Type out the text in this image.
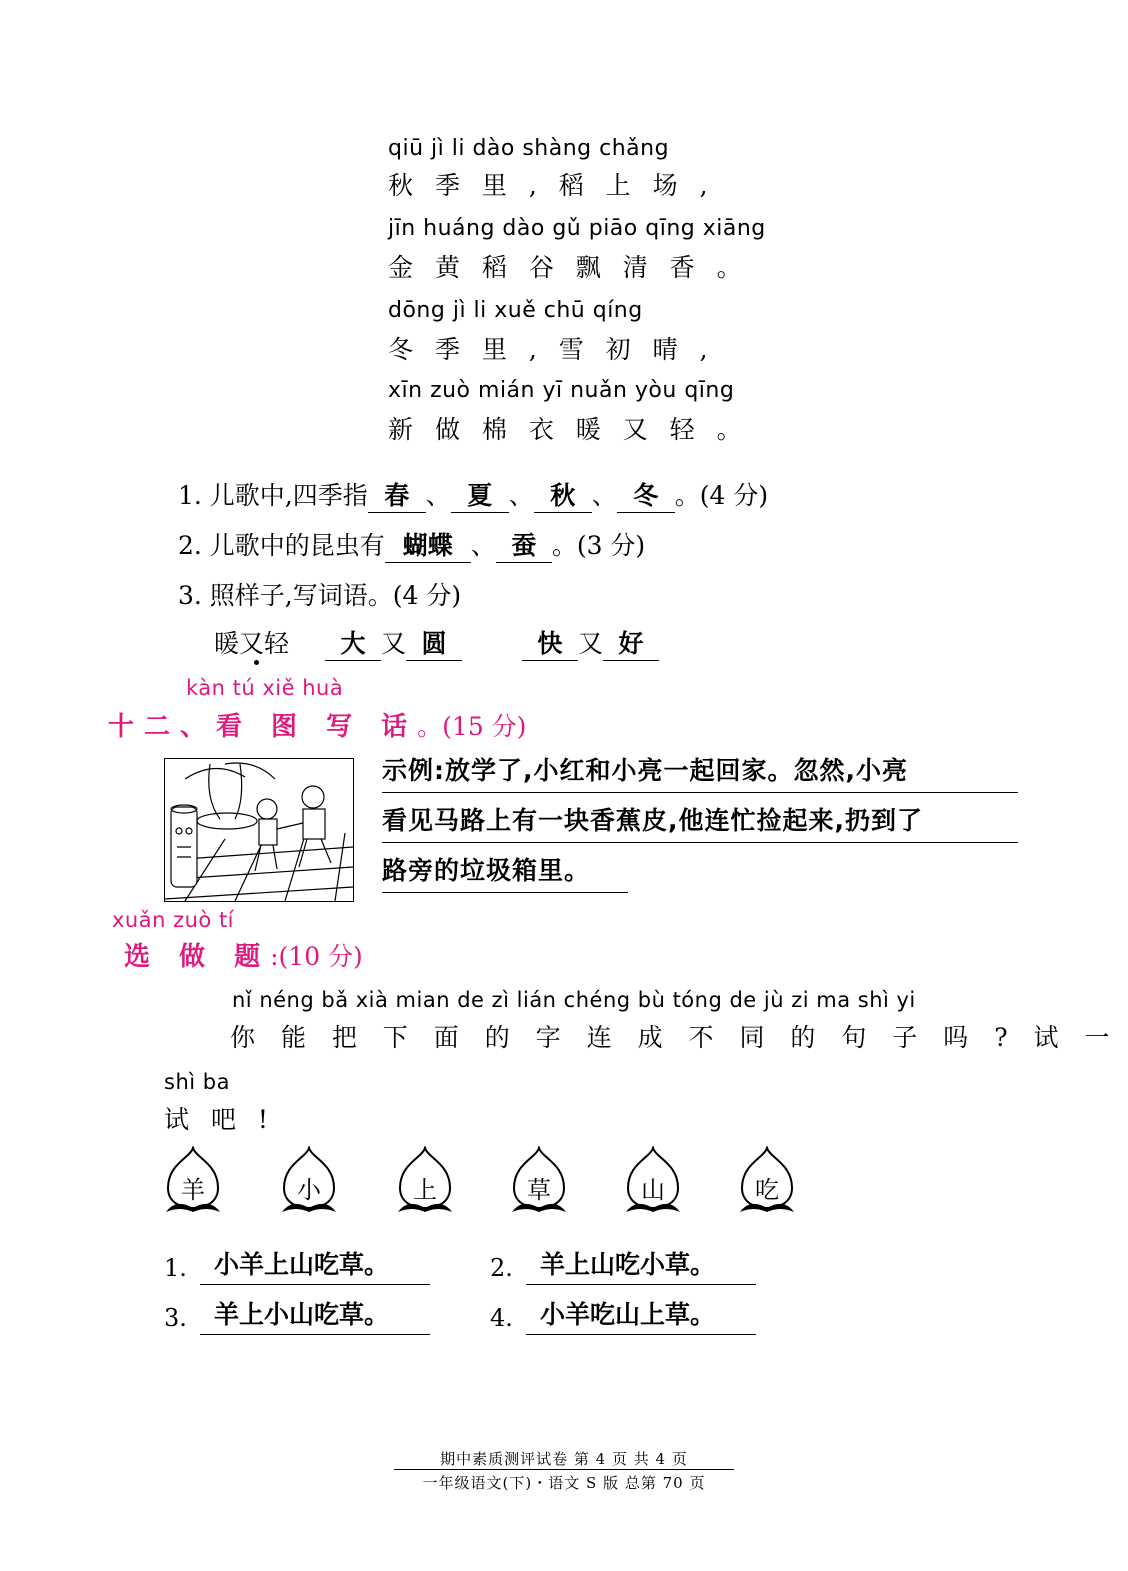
qiū jì li dào shàng chǎng
秋 季 里 , 稻 上 场 ,
jīn huáng dào gǔ piāo qīng xiāng
金 黄 稻 谷 飘 清 香 。
dōng jì li xuě chū qíng
冬 季 里 , 雪 初 晴 ,
xīn zuò mián yī nuǎn yòu qīng
新 做 棉 衣 暖 又 轻 。
1. 儿歌中,四季指 春 、 夏 、 秋 、 冬 。(4 分)
2. 儿歌中的昆虫有 蝴蝶 、 蚕 。(3 分)
3. 照样子,写词语。(4 分)
暖又轻 大 又 圆	快 又 好
kàn tú xiě huà
十二、看 图 写 话。(15 分)
示例:放学了,小红和小亮一起回家。忽然,小亮
看见马路上有一块香蕉皮,他连忙捡起来,扔到了
路旁的垃圾箱里。
xuǎn zuò tí
选 做 题:(10 分)
nǐ néng bǎ xià mian de zì lián chéng bù tóng de jù zi ma shì yi
你 能 把 下 面 的 字 连 成 不 同 的 句 子 吗 ? 试 一
shì ba
试 吧 !
羊	小	上	草	山	吃
1.	小羊上山吃草。	2.	羊上山吃小草。
3.	羊上小山吃草。	4.	小羊吃山上草。
期中素质测评试卷 第 4 页 共 4 页
一年级语文(下)・语文 S 版 总第 70 页
